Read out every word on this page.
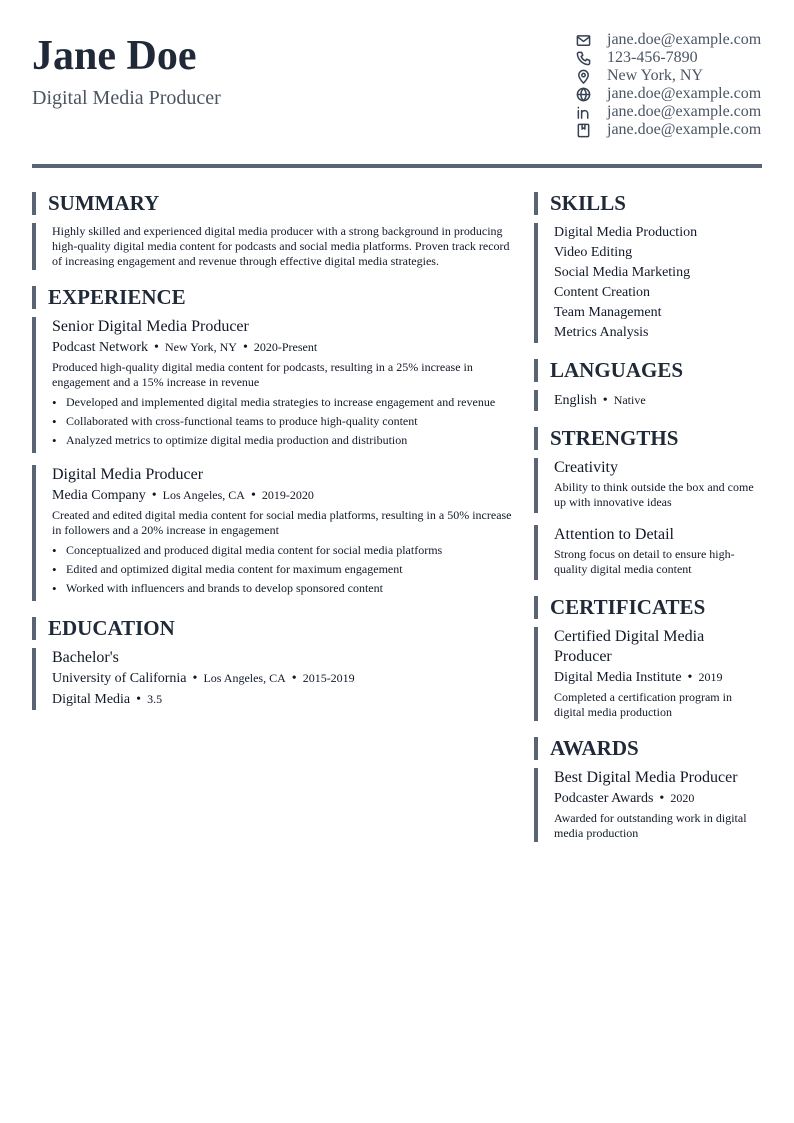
Jane Doe
Digital Media Producer
jane.doe@example.com
123-456-7890
New York, NY
jane.doe@example.com
jane.doe@example.com
jane.doe@example.com
SUMMARY
Highly skilled and experienced digital media producer with a strong background in producing high-quality digital media content for podcasts and social media platforms. Proven track record of increasing engagement and revenue through effective digital media strategies.
EXPERIENCE
Senior Digital Media Producer
Podcast Network • New York, NY • 2020-Present
Produced high-quality digital media content for podcasts, resulting in a 25% increase in engagement and a 15% increase in revenue
• Developed and implemented digital media strategies to increase engagement and revenue
• Collaborated with cross-functional teams to produce high-quality content
• Analyzed metrics to optimize digital media production and distribution
Digital Media Producer
Media Company • Los Angeles, CA • 2019-2020
Created and edited digital media content for social media platforms, resulting in a 50% increase in followers and a 20% increase in engagement
• Conceptualized and produced digital media content for social media platforms
• Edited and optimized digital media content for maximum engagement
• Worked with influencers and brands to develop sponsored content
EDUCATION
Bachelor's
University of California • Los Angeles, CA • 2015-2019
Digital Media • 3.5
SKILLS
Digital Media Production
Video Editing
Social Media Marketing
Content Creation
Team Management
Metrics Analysis
LANGUAGES
English • Native
STRENGTHS
Creativity
Ability to think outside the box and come up with innovative ideas
Attention to Detail
Strong focus on detail to ensure high-quality digital media content
CERTIFICATES
Certified Digital Media Producer
Digital Media Institute • 2019
Completed a certification program in digital media production
AWARDS
Best Digital Media Producer
Podcaster Awards • 2020
Awarded for outstanding work in digital media production
